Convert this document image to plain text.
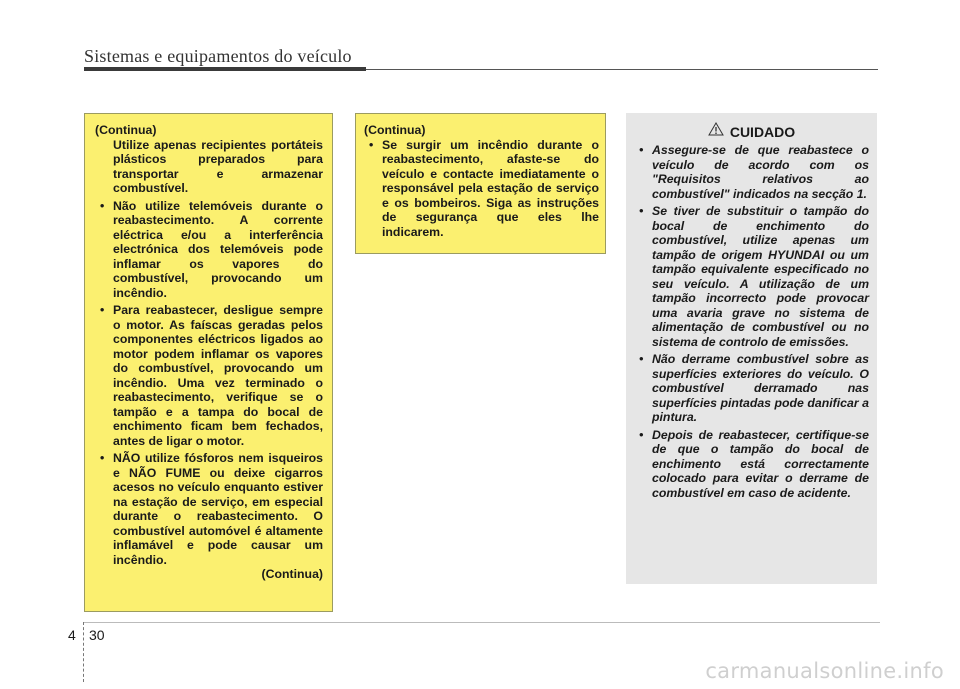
Sistemas e equipamentos do veículo
(Continua)
Utilize apenas recipientes portáteis plásticos preparados para transportar e armazenar combustível.
• Não utilize telemóveis durante o reabastecimento. A corrente eléctrica e/ou a interferência electrónica dos telemóveis pode inflamar os vapores do combustível, provocando um incêndio.
• Para reabastecer, desligue sempre o motor. As faíscas geradas pelos componentes eléctricos ligados ao motor podem inflamar os vapores do combustível, provocando um incêndio. Uma vez terminado o reabastecimento, verifique se o tampão e a tampa do bocal de enchimento ficam bem fechados, antes de ligar o motor.
• NÃO utilize fósforos nem isqueiros e NÃO FUME ou deixe cigarros acesos no veículo enquanto estiver na estação de serviço, em especial durante o reabastecimento. O combustível automóvel é altamente inflamável e pode causar um incêndio.
(Continua)
(Continua)
• Se surgir um incêndio durante o reabastecimento, afaste-se do veículo e contacte imediatamente o responsável pela estação de serviço e os bombeiros. Siga as instruções de segurança que eles lhe indicarem.
CUIDADO
• Assegure-se de que reabastece o veículo de acordo com os "Requisitos relativos ao combustível" indicados na secção 1.
• Se tiver de substituir o tampão do bocal de enchimento do combustível, utilize apenas um tampão de origem HYUNDAI ou um tampão equivalente especificado no seu veículo. A utilização de um tampão incorrecto pode provocar uma avaria grave no sistema de alimentação de combustível ou no sistema de controlo de emissões.
• Não derrame combustível sobre as superfícies exteriores do veículo. O combustível derramado nas superfícies pintadas pode danificar a pintura.
• Depois de reabastecer, certifique-se de que o tampão do bocal de enchimento está correctamente colocado para evitar o derrame de combustível em caso de acidente.
4 30
carmanualsonline.info
